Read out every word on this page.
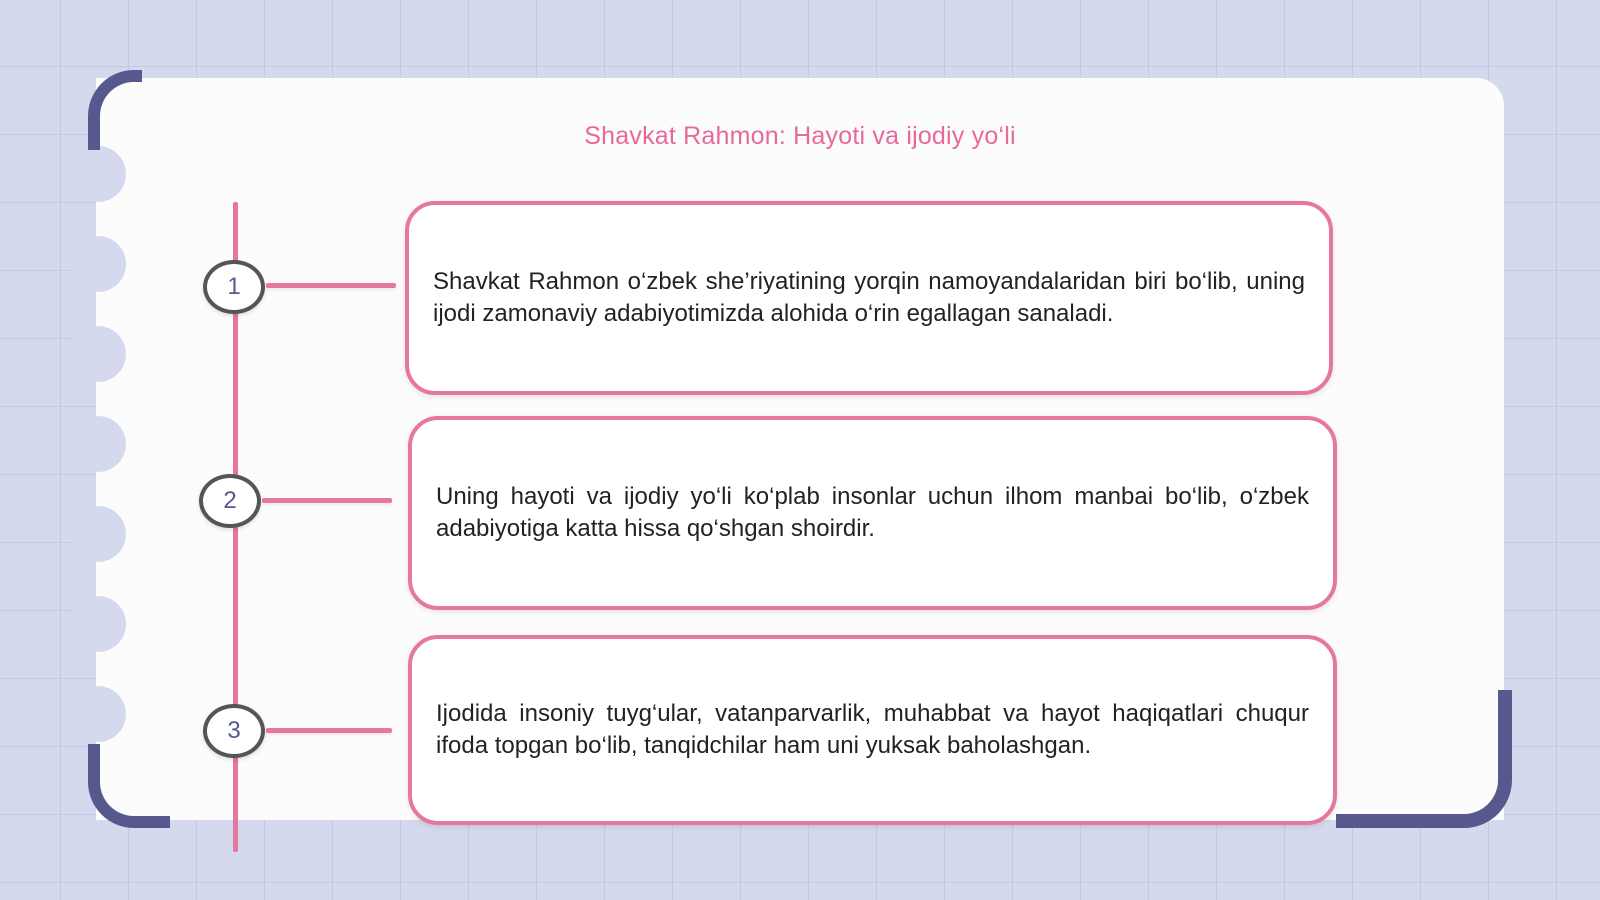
Shavkat Rahmon: Hayoti va ijodiy yo‘li
1	Shavkat Rahmon o‘zbek she’riyatining yorqin namoyandalaridan biri bo‘lib, uning ijodi zamonaviy adabiyotimizda alohida o‘rin egallagan sanaladi.
2	Uning hayoti va ijodiy yo‘li ko‘plab insonlar uchun ilhom manbai bo‘lib, o‘zbek adabiyotiga katta hissa qo‘shgan shoirdir.
3
Ijodida insoniy tuyg‘ular, vatanparvarlik, muhabbat va hayot haqiqatlari chuqur ifoda topgan bo‘lib, tanqidchilar ham uni yuksak baholashgan.
